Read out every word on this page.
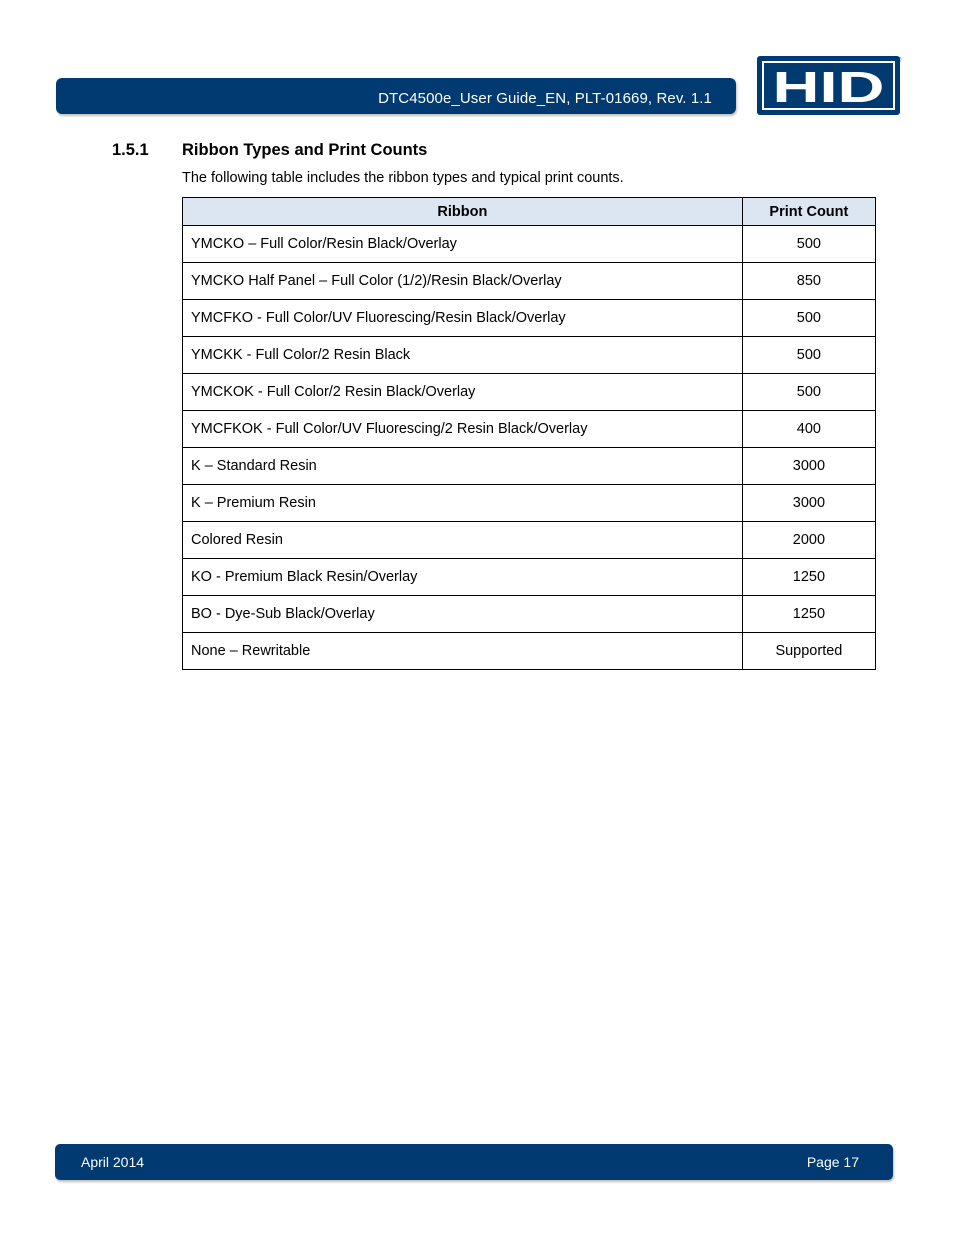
DTC4500e_User Guide_EN, PLT-01669, Rev. 1.1 HID
®
1.5.1 Ribbon Types and Print Counts
The following table includes the ribbon types and typical print counts.
Ribbon	Print Count
YMCKO – Full Color/Resin Black/Overlay	500
YMCKO Half Panel – Full Color (1/2)/Resin Black/Overlay	850
YMCFKO - Full Color/UV Fluorescing/Resin Black/Overlay	500
YMCKK - Full Color/2 Resin Black	500
YMCKOK - Full Color/2 Resin Black/Overlay	500
YMCFKOK - Full Color/UV Fluorescing/2 Resin Black/Overlay	400
K – Standard Resin	3000
K – Premium Resin	3000
Colored Resin	2000
KO - Premium Black Resin/Overlay	1250
BO - Dye-Sub Black/Overlay	1250
None – Rewritable	Supported
April 2014	Page 17
